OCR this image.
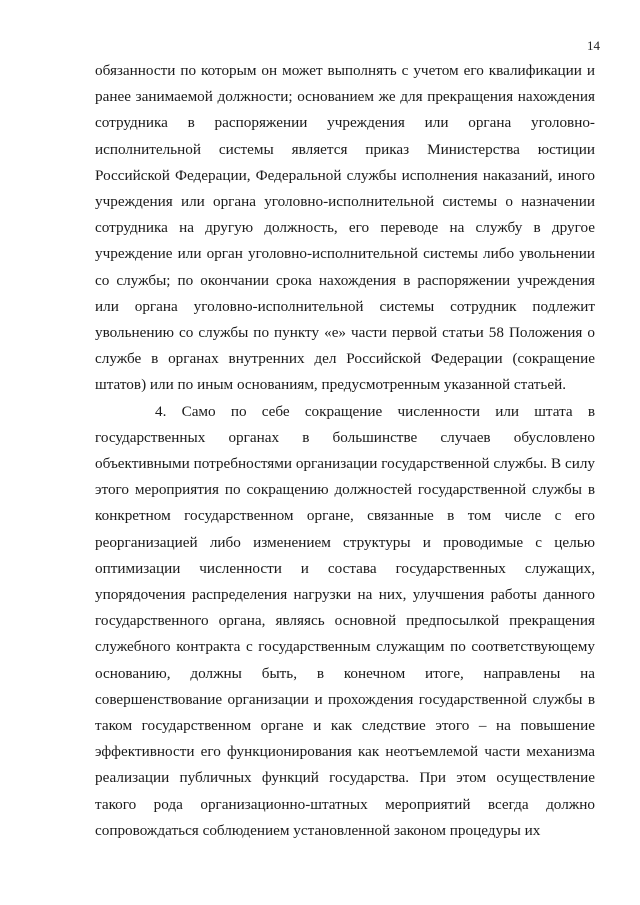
14

обязанности по которым он может выполнять с учетом его квалификации и ранее занимаемой должности; основанием же для прекращения нахождения сотрудника в распоряжении учреждения или органа уголовно-исполнительной системы является приказ Министерства юстиции Российской Федерации, Федеральной службы исполнения наказаний, иного учреждения или органа уголовно-исполнительной системы о назначении сотрудника на другую должность, его переводе на службу в другое учреждение или орган уголовно-исполнительной системы либо увольнении со службы; по окончании срока нахождения в распоряжении учреждения или органа уголовно-исполнительной системы сотрудник подлежит увольнению со службы по пункту «е» части первой статьи 58 Положения о службе в органах внутренних дел Российской Федерации (сокращение штатов) или по иным основаниям, предусмотренным указанной статьей.

4. Само по себе сокращение численности или штата в государственных органах в большинстве случаев обусловлено объективными потребностями организации государственной службы. В силу этого мероприятия по сокращению должностей государственной службы в конкретном государственном органе, связанные в том числе с его реорганизацией либо изменением структуры и проводимые с целью оптимизации численности и состава государственных служащих, упорядочения распределения нагрузки на них, улучшения работы данного государственного органа, являясь основной предпосылкой прекращения служебного контракта с государственным служащим по соответствующему основанию, должны быть, в конечном итоге, направлены на совершенствование организации и прохождения государственной службы в таком государственном органе и как следствие этого – на повышение эффективности его функционирования как неотъемлемой части механизма реализации публичных функций государства. При этом осуществление такого рода организационно-штатных мероприятий всегда должно сопровождаться соблюдением установленной законом процедуры их
